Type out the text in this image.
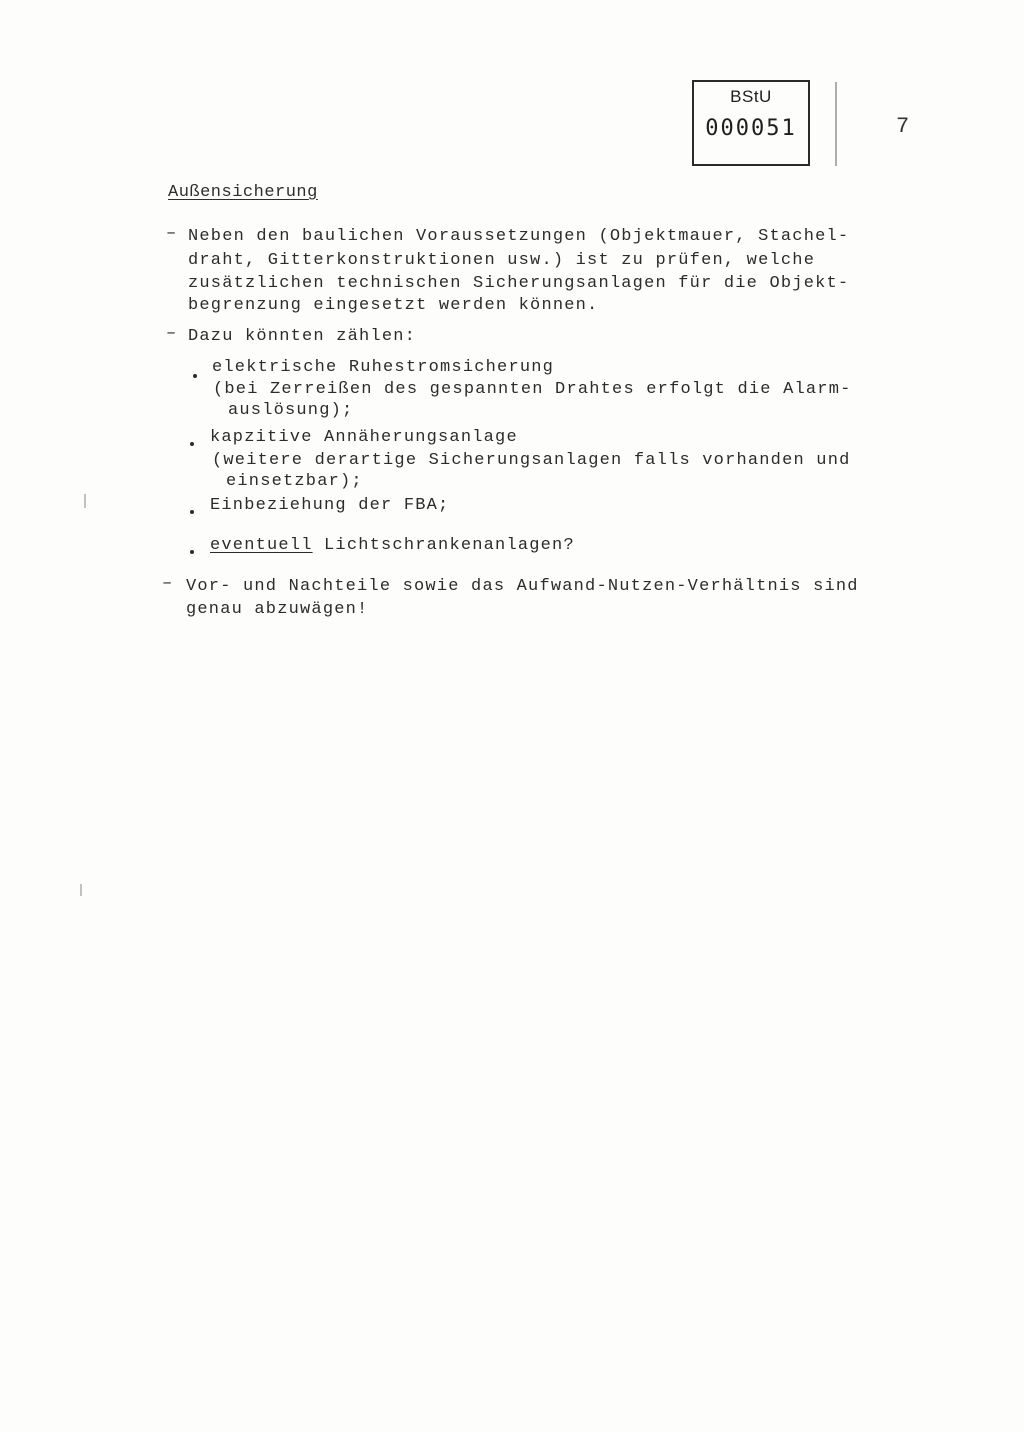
BStU
000051	7
Außensicherung
– Neben den baulichen Voraussetzungen (Objektmauer, Stachel-
draht, Gitterkonstruktionen usw.) ist zu prüfen, welche
zusätzlichen technischen Sicherungsanlagen für die Objekt-
begrenzung eingesetzt werden können.
– Dazu könnten zählen:
elektrische Ruhestromsicherung
(bei Zerreißen des gespannten Drahtes erfolgt die Alarm-
auslösung);
kapzitive Annäherungsanlage
(weitere derartige Sicherungsanlagen falls vorhanden und
einsetzbar);
Einbeziehung der FBA;
eventuell Lichtschrankenanlagen?
– Vor- und Nachteile sowie das Aufwand-Nutzen-Verhältnis sind
genau abzuwägen!
